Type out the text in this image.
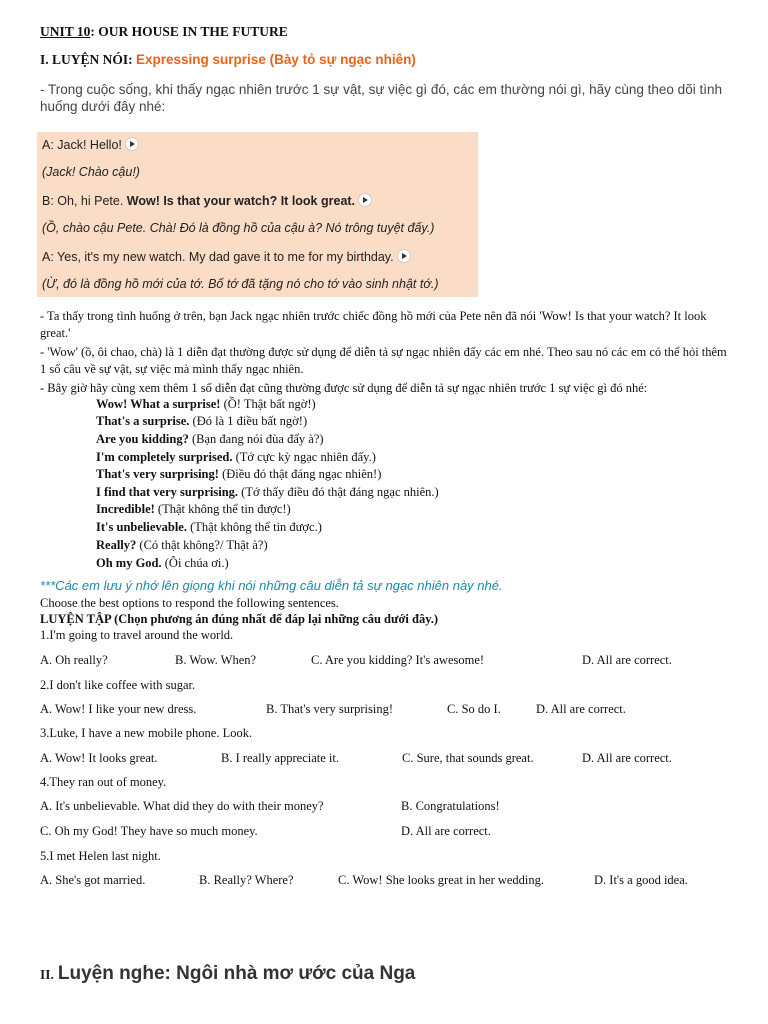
UNIT 10: OUR HOUSE IN THE FUTURE
I. LUYỆN NÓI: Expressing surprise (Bày tỏ sự ngạc nhiên)
- Trong cuộc sống, khi thấy ngạc nhiên trước 1 sự vật, sự việc gì đó, các em thường nói gì, hãy cùng theo dõi tình huống dưới đây nhé:
A: Jack! Hello!
(Jack! Chào cậu!)
B: Oh, hi Pete. Wow! Is that your watch? It look great.
(Ồ, chào cậu Pete. Chà! Đó là đồng hồ của cậu à? Nó trông tuyệt đấy.)
A: Yes, it's my new watch. My dad gave it to me for my birthday.
(Ừ, đó là đồng hồ mới của tớ. Bố tớ đã tặng nó cho tớ vào sinh nhật tớ.)
- Ta thấy trong tình huống ở trên, bạn Jack ngạc nhiên trước chiếc đồng hồ mới của Pete nên đã nói 'Wow! Is that your watch? It look great.'
- 'Wow' (ồ, ôi chao, chà) là 1 diễn đạt thường được sử dụng để diễn tả sự ngạc nhiên đấy các em nhé. Theo sau nó các em có thể hỏi thêm 1 số câu về sự vật, sự việc mà mình thấy ngạc nhiên.
- Bây giờ hãy cùng xem thêm 1 số diễn đạt cũng thường được sử dụng để diễn tả sự ngạc nhiên trước 1 sự việc gì đó nhé:
Wow! What a surprise! (Ồ! Thật bất ngờ!)
That's a surprise. (Đó là 1 điều bất ngờ!)
Are you kidding? (Bạn đang nói đùa đấy à?)
I'm completely surprised. (Tớ cực kỳ ngạc nhiên đấy.)
That's very surprising! (Điều đó thật đáng ngạc nhiên!)
I find that very surprising. (Tớ thấy điều đó thật đáng ngạc nhiên.)
Incredible! (Thật không thể tin được!)
It's unbelievable. (Thật không thể tin được.)
Really? (Có thật không?/ Thật à?)
Oh my God. (Ôi chúa ơi.)
***Các em lưu ý nhớ lên giọng khi nói những câu diễn tả sự ngạc nhiên này nhé.
Choose the best options to respond the following sentences.
LUYỆN TẬP (Chọn phương án đúng nhất để đáp lại những câu dưới đây.)
1.I'm going to travel around the world.
A. Oh really?	B. Wow. When?	C. Are you kidding? It's awesome!	D. All are correct.
2.I don't like coffee with sugar.
A. Wow! I like your new dress.	B. That's very surprising!	C. So do I.	D. All are correct.
3.Luke, I have a new mobile phone. Look.
A. Wow! It looks great.	B. I really appreciate it.	C. Sure, that sounds great.	D. All are correct.
4.They ran out of money.
A. It's unbelievable. What did they do with their money?	B. Congratulations!
C. Oh my God! They have so much money.	D. All are correct.
5.I met Helen last night.
A. She's got married.	B. Really? Where?	C. Wow! She looks great in her wedding.	D. It's a good idea.
II. Luyện nghe: Ngôi nhà mơ ước của Nga
